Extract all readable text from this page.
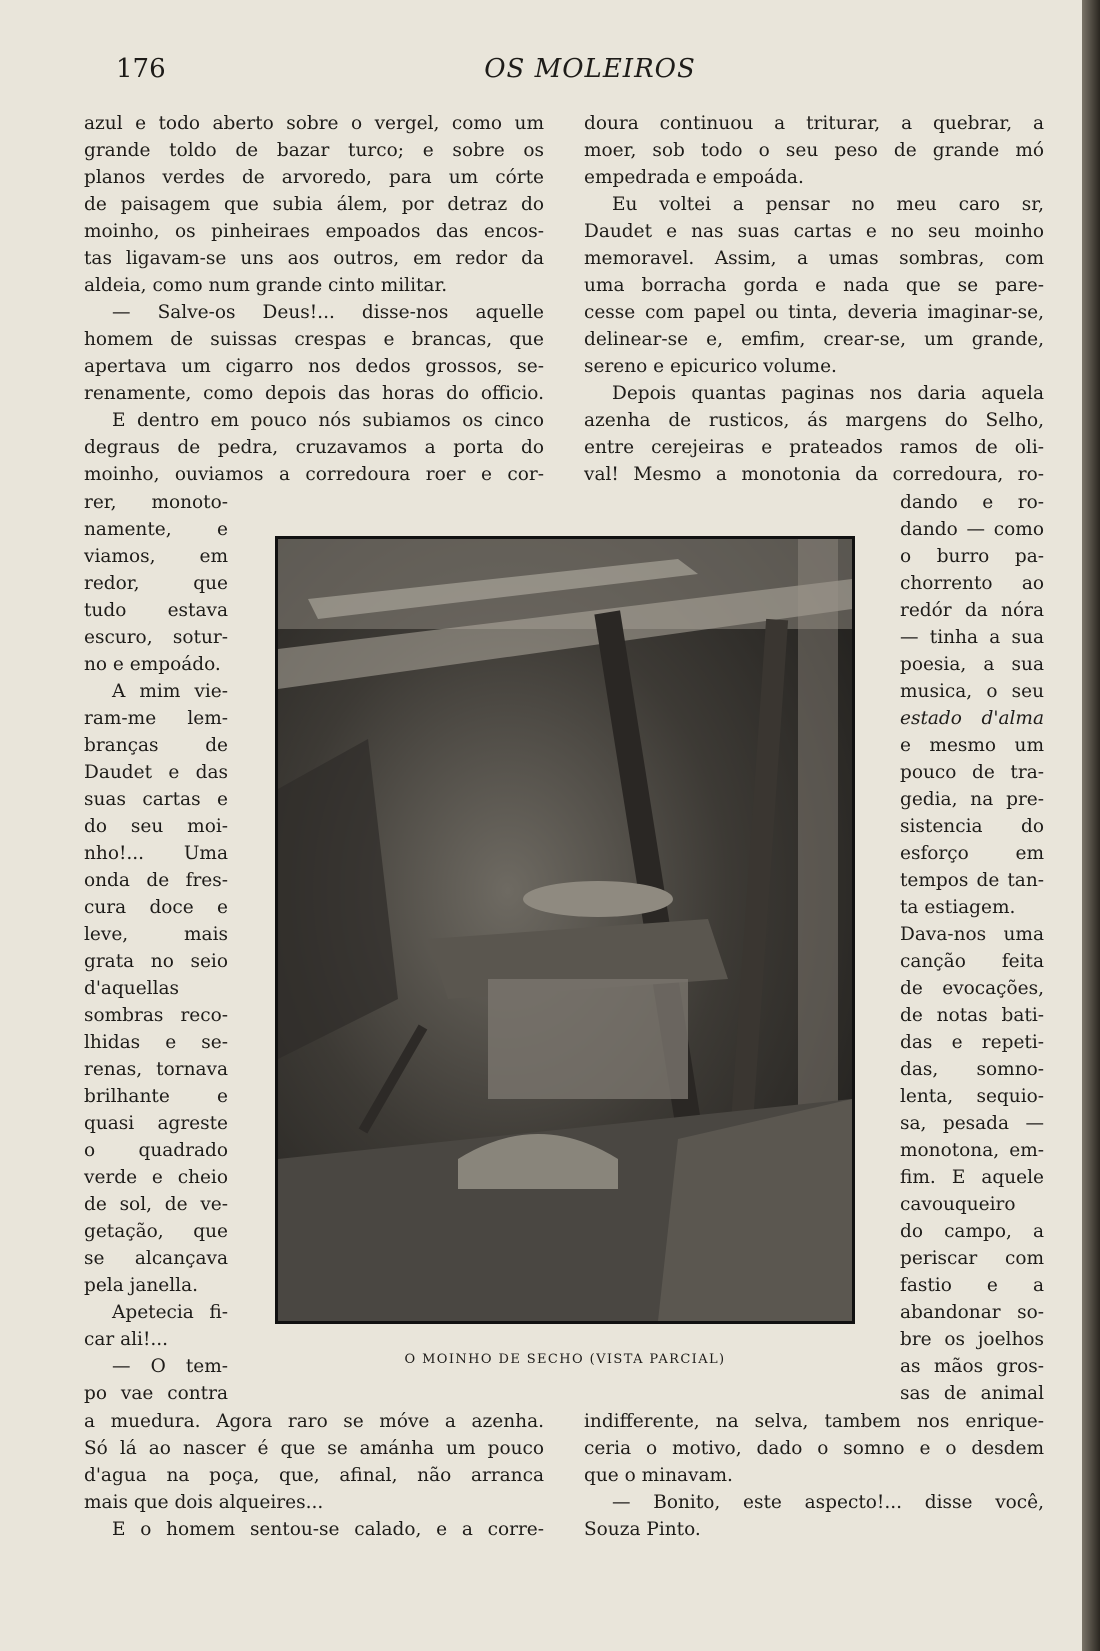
176	OS MOLEIROS

azul e todo aberto sobre o vergel, como um

grande toldo de bazar turco; e sobre os

planos verdes de arvoredo, para um córte

de paisagem que subia álem, por detraz do

moinho, os pinheiraes empoados das encos-

tas ligavam-se uns aos outros, em redor da

aldeia, como num grande cinto militar.

— Salve-os Deus!... disse-nos aquelle

homem de suissas crespas e brancas, que

apertava um cigarro nos dedos grossos, se-

renamente, como depois das horas do officio.

E dentro em pouco nós subiamos os cinco

degraus de pedra, cruzavamos a porta do

moinho, ouviamos a corredoura roer e cor-

doura continuou a triturar, a quebrar, a

moer, sob todo o seu peso de grande mó

empedrada e empoáda.

Eu voltei a pensar no meu caro sr,

Daudet e nas suas cartas e no seu moinho

memoravel. Assim, a umas sombras, com

uma borracha gorda e nada que se pare-

cesse com papel ou tinta, deveria imaginar-se,

delinear-se e, emfim, crear-se, um grande,

sereno e epicurico volume.

Depois quantas paginas nos daria aquela

azenha de rusticos, ás margens do Selho,

entre cerejeiras e prateados ramos de oli-

val! Mesmo a monotonia da corredoura, ro-

rer, monoto-

namente, e

viamos, em

redor, que

tudo estava

escuro, sotur-

no e empoádo.

A mim vie-

ram-me lem-

branças de

Daudet e das

suas cartas e

do seu moi-

nho!... Uma

onda de fres-

cura doce e

leve, mais

grata no seio

d'aquellas

sombras reco-

lhidas e se-

renas, tornava

brilhante e

quasi agreste

o quadrado

verde e cheio

de sol, de ve-

getação, que

se alcançava

pela janella.

Apetecia fi-

car ali!...

— O tem-

po vae contra

dando e ro-

dando — como

o burro pa-

chorrento ao

redór da nóra

— tinha a sua

poesia, a sua

musica, o seu

estado d'alma

e mesmo um

pouco de tra-

gedia, na pre-

sistencia do

esforço em

tempos de tan-

ta estiagem.

Dava-nos uma

canção feita

de evocações,

de notas bati-

das e repeti-

das, somno-

lenta, sequio-

sa, pesada —

monotona, em-

fim. E aquele

cavouqueiro

do campo, a

periscar com

fastio e a

abandonar so-

bre os joelhos

as mãos gros-

sas de animal

O MOINHO DE SECHO (VISTA PARCIAL)

a muedura. Agora raro se móve a azenha.

Só lá ao nascer é que se amánha um pouco

d'agua na poça, que, afinal, não arranca

mais que dois alqueires...

E o homem sentou-se calado, e a corre-

indifferente, na selva, tambem nos enrique-

ceria o motivo, dado o somno e o desdem

que o minavam.

— Bonito, este aspecto!... disse você,

Souza Pinto.
